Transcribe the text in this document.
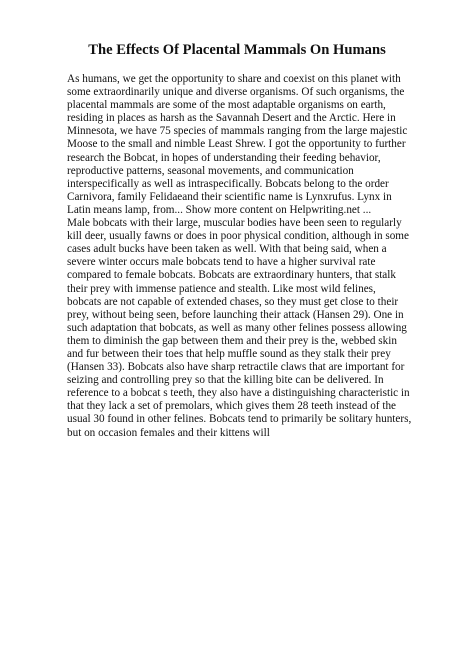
The Effects Of Placental Mammals On Humans

As humans, we get the opportunity to share and coexist on this planet with some extraordinarily unique and diverse organisms. Of such organisms, the placental mammals are some of the most adaptable organisms on earth, residing in places as harsh as the Savannah Desert and the Arctic. Here in Minnesota, we have 75 species of mammals ranging from the large majestic Moose to the small and nimble Least Shrew. I got the opportunity to further research the Bobcat, in hopes of understanding their feeding behavior, reproductive patterns, seasonal movements, and communication interspecifically as well as intraspecifically. Bobcats belong to the order Carnivora, family Felidaeand their scientific name is Lynxrufus. Lynx in Latin means lamp, from... Show more content on Helpwriting.net ...

Male bobcats with their large, muscular bodies have been seen to regularly kill deer, usually fawns or does in poor physical condition, although in some cases adult bucks have been taken as well. With that being said, when a severe winter occurs male bobcats tend to have a higher survival rate compared to female bobcats. Bobcats are extraordinary hunters, that stalk their prey with immense patience and stealth. Like most wild felines, bobcats are not capable of extended chases, so they must get close to their prey, without being seen, before launching their attack (Hansen 29). One in such adaptation that bobcats, as well as many other felines possess allowing them to diminish the gap between them and their prey is the, webbed skin and fur between their toes that help muffle sound as they stalk their prey (Hansen 33). Bobcats also have sharp retractile claws that are important for seizing and controlling prey so that the killing bite can be delivered. In reference to a bobcat s teeth, they also have a distinguishing characteristic in that they lack a set of premolars, which gives them 28 teeth instead of the usual 30 found in other felines. Bobcats tend to primarily be solitary hunters, but on occasion females and their kittens will
